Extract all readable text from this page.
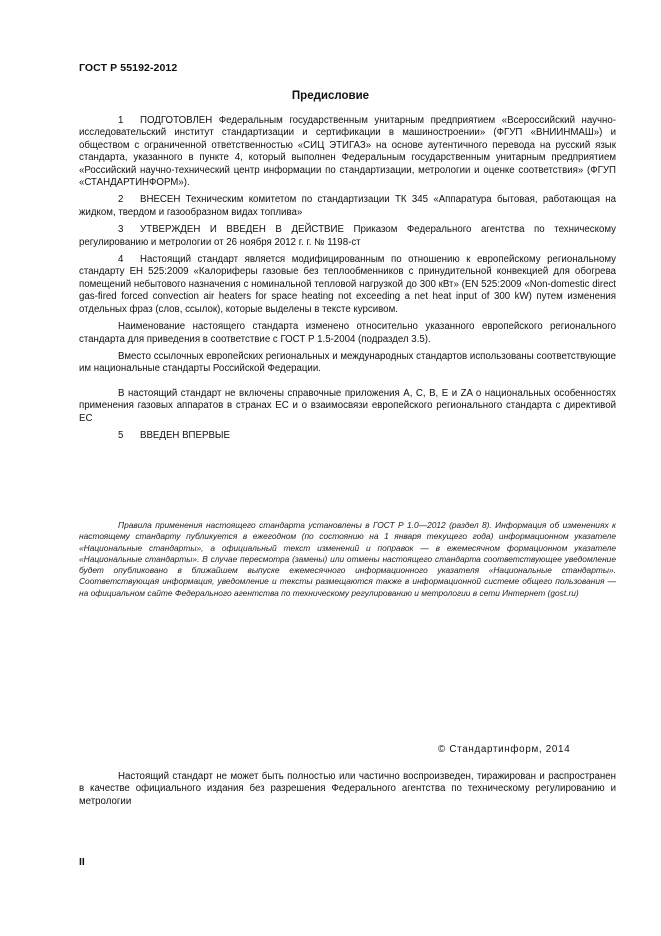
ГОСТ Р 55192-2012
Предисловие

1 ПОДГОТОВЛЕН Федеральным государственным унитарным предприятием «Всероссийский научно-исследовательский институт стандартизации и сертификации в машиностроении» (ФГУП «ВНИИНМАШ») и обществом с ограниченной ответственностью «СИЦ ЭТИГАЗ» на основе аутентичного перевода на русский язык стандарта, указанного в пункте 4, который выполнен Федеральным государственным унитарным предприятием «Российский научно-технический центр информации по стандартизации, метрологии и оценке соответствия» (ФГУП «СТАНДАРТИНФОРМ»).

2 ВНЕСЕН Техническим комитетом по стандартизации ТК 345 «Аппаратура бытовая, работающая на жидком, твердом и газообразном видах топлива»

3 УТВЕРЖДЕН И ВВЕДЕН В ДЕЙСТВИЕ Приказом Федерального агентства по техническому регулированию и метрологии от 26 ноября 2012 г. г. № 1198-ст

4 Настоящий стандарт является модифицированным по отношению к европейскому региональному стандарту ЕН 525:2009 «Калориферы газовые без теплообменников с принудительной конвекцией для обогрева помещений небытового назначения с номинальной тепловой нагрузкой до 300 кВт» (EN 525:2009 «Non-domestic direct gas-fired forced convection air heaters for space heating not exceeding a net heat input of 300 kW) путем изменения отдельных фраз (слов, ссылок), которые выделены в тексте курсивом.

Наименование настоящего стандарта изменено относительно указанного европейского регионального стандарта для приведения в соответствие с ГОСТ Р 1.5-2004 (подраздел 3.5).

Вместо ссылочных европейских региональных и международных стандартов использованы соответствующие им национальные стандарты Российской Федерации.

В настоящий стандарт не включены справочные приложения А, С, В, Е и ZA о национальных особенностях применения газовых аппаратов в странах ЕС и о взаимосвязи европейского регионального стандарта с директивой ЕС

5 ВВЕДЕН ВПЕРВЫЕ

Правила применения настоящего стандарта установлены в ГОСТ Р 1.0—2012 (раздел 8). Информация об изменениях к настоящему стандарту публикуется в ежегодном (по состоянию на 1 января текущего года) информационном указателе «Национальные стандарты», а официальный текст изменений и поправок — в ежемесячном формационном указателе «Национальные стандарты». В случае пересмотра (замены) или отмены настоящего стандарта соответствующее уведомление будет опубликовано в ближайшем выпуске ежемесячного информационного указателя «Национальные стандарты». Соответствующая информация, уведомление и тексты размещаются также в информационной системе общего пользования — на официальном сайте Федерального агентства по техническому регулированию и метрологии в сети Интернет (gost.ru)

© Стандартинформ, 2014

Настоящий стандарт не может быть полностью или частично воспроизведен, тиражирован и распространен в качестве официального издания без разрешения Федерального агентства по техническому регулированию и метрологии

II
